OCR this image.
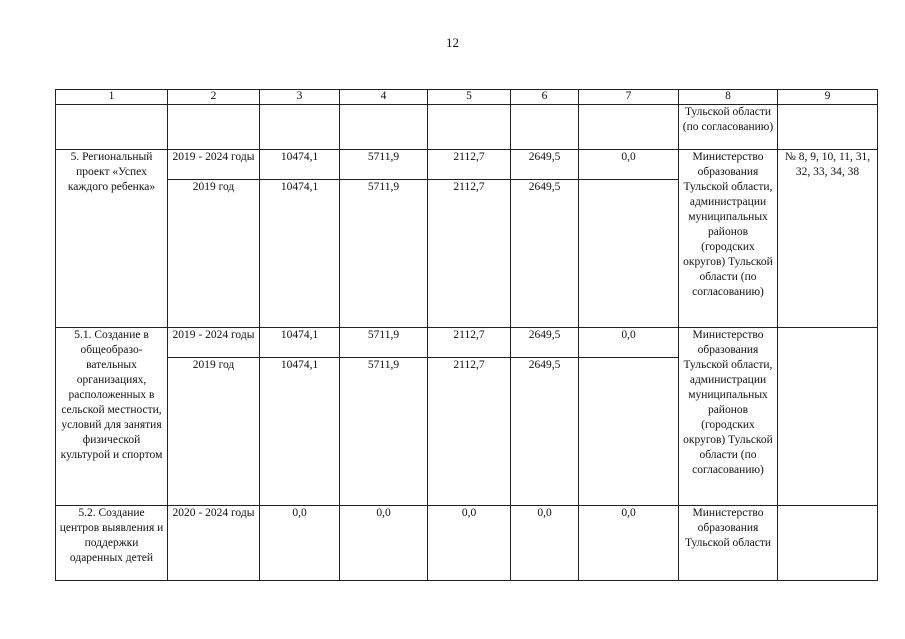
12
1	2	3	4	5	6	7	8	9
							Тульской области (по согласованию)	
5. Региональный проект «Успех каждого ребенка»	2019 - 2024 годы	10474,1	5711,9	2112,7	2649,5	0,0	Министерство образования Тульской области, администрации муниципальных районов (городских округов) Тульской области (по согласованию)	№ 8, 9, 10, 11, 31, 32, 33, 34, 38
	2019 год	10474,1	5711,9	2112,7	2649,5			
5.1. Создание в общеобразо- вательных организациях, расположенных в сельской местности, условий для занятия физической культурой и спортом	2019 - 2024 годы	10474,1	5711,9	2112,7	2649,5	0,0	Министерство образования Тульской области, администрации муниципальных районов (городских округов) Тульской области (по согласованию)	
	2019 год	10474,1	5711,9	2112,7	2649,5			
5.2. Создание центров выявления и поддержки одаренных детей	2020 - 2024 годы	0,0	0,0	0,0	0,0	0,0	Министерство образования Тульской области	
